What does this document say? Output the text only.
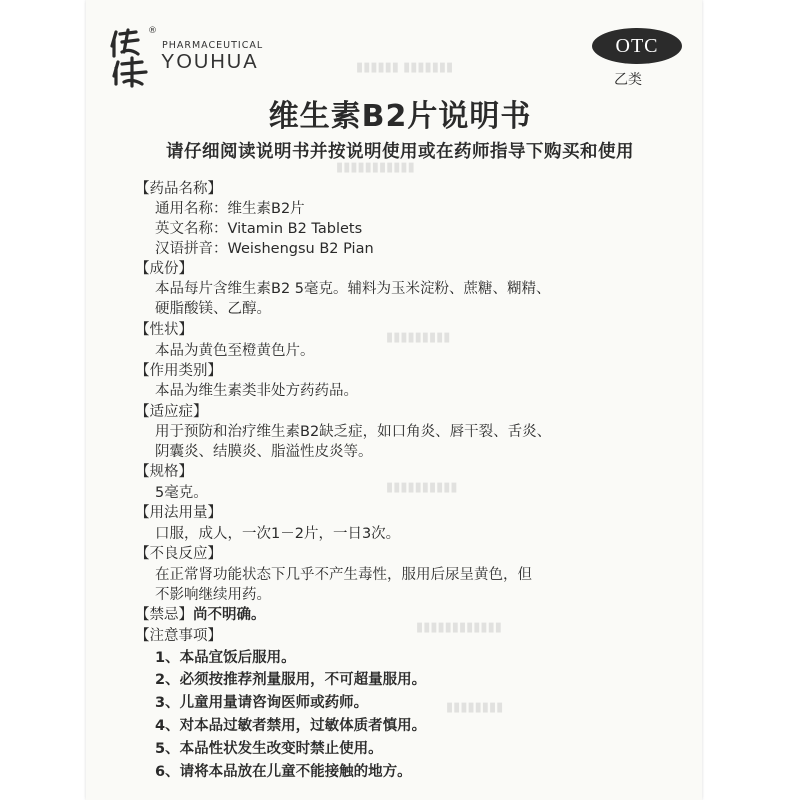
▮▮▮▮▮▮▮ ▮▮▮▮▮▮
▮▮▮▮▮▮▮▮▮▮▮
▮▮▮▮▮▮▮▮▮
▮▮▮▮▮▮▮▮▮▮
▮▮▮▮▮▮▮▮▮▮▮▮
▮▮▮▮▮▮▮▮
®
PHARMACEUTICAL
YOUHUA
OTC
乙类
维生素B2片说明书
请仔细阅读说明书并按说明使用或在药师指导下购买和使用
【药品名称】
通用名称：维生素B2片
英文名称：Vitamin B2 Tablets
汉语拼音：Weishengsu B2 Pian
【成份】
本品每片含维生素B2 5毫克。辅料为玉米淀粉、蔗糖、糊精、
硬脂酸镁、乙醇。
【性状】
本品为黄色至橙黄色片。
【作用类别】
本品为维生素类非处方药药品。
【适应症】
用于预防和治疗维生素B2缺乏症，如口角炎、唇干裂、舌炎、
阴囊炎、结膜炎、脂溢性皮炎等。
【规格】
5毫克。
【用法用量】
口服，成人，一次1－2片，一日3次。
【不良反应】
在正常肾功能状态下几乎不产生毒性，服用后尿呈黄色，但
不影响继续用药。
【禁忌】尚不明确。
【注意事项】
1、本品宜饭后服用。
2、必须按推荐剂量服用，不可超量服用。
3、儿童用量请咨询医师或药师。
4、对本品过敏者禁用，过敏体质者慎用。
5、本品性状发生改变时禁止使用。
6、请将本品放在儿童不能接触的地方。
